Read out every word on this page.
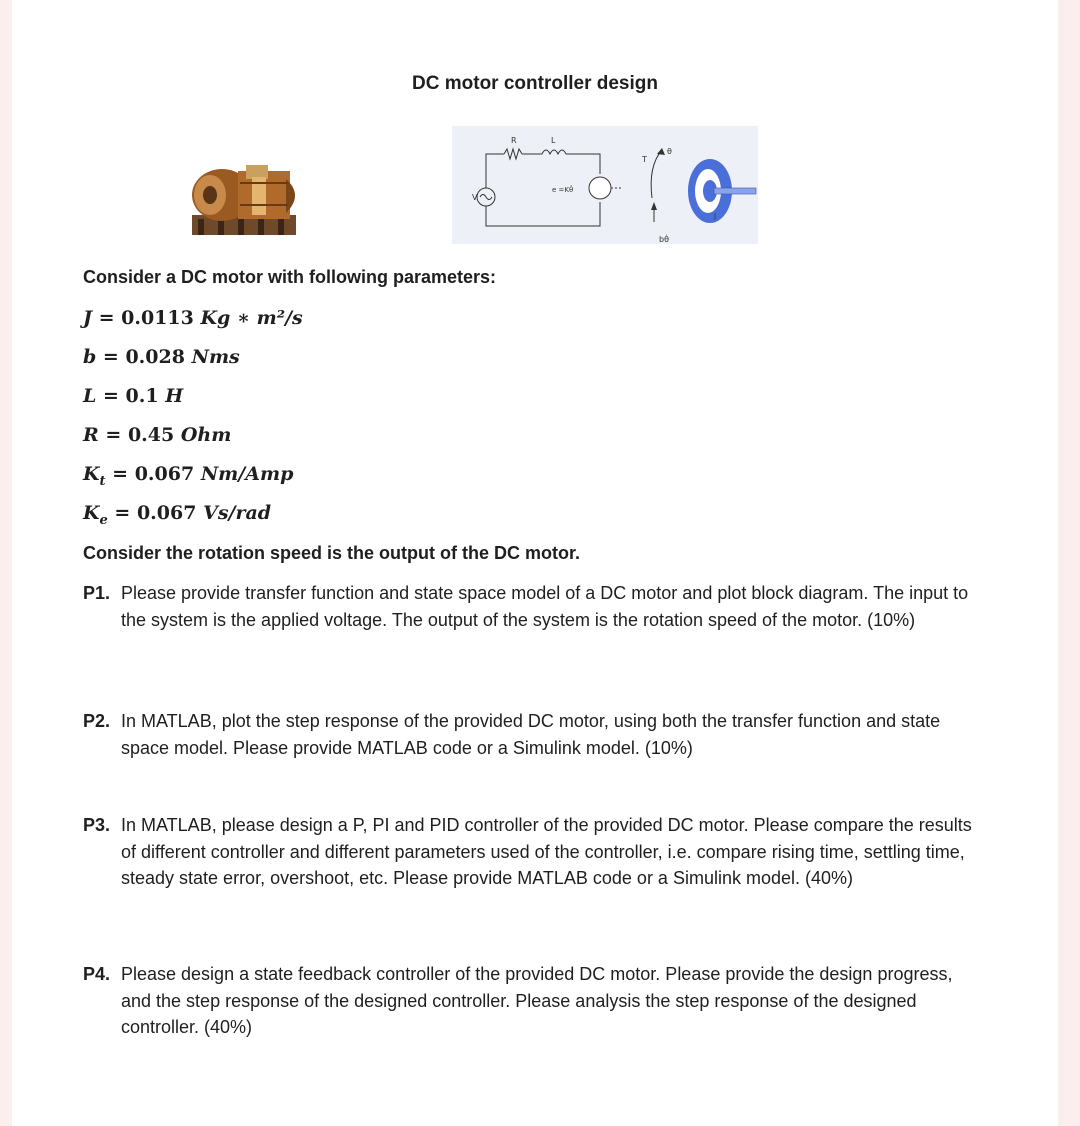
DC motor controller design
R	L
V
e =Kθ̇
T
θ
J
bθ̇
Consider a DC motor with following parameters:
J = 0.0113 Kg ∗ m²/s
b = 0.028 Nms
L = 0.1 H
R = 0.45 Ohm
$K_t = 0.067$ Nm/Amp
$K_e = 0.067$ Vs/rad
Consider the rotation speed is the output of the DC motor.
P1. Please provide transfer function and state space model of a DC motor and plot block diagram. The input to the system is the applied voltage. The output of the system is the rotation speed of the motor. (10%)
P2. In MATLAB, plot the step response of the provided DC motor, using both the transfer function and state space model. Please provide MATLAB code or a Simulink model. (10%)
P3. In MATLAB, please design a P, PI and PID controller of the provided DC motor. Please compare the results of different controller and different parameters used of the controller, i.e. compare rising time, settling time, steady state error, overshoot, etc. Please provide MATLAB code or a Simulink model. (40%)
P4. Please design a state feedback controller of the provided DC motor. Please provide the design progress, and the step response of the designed controller. Please analysis the step response of the designed controller. (40%)
